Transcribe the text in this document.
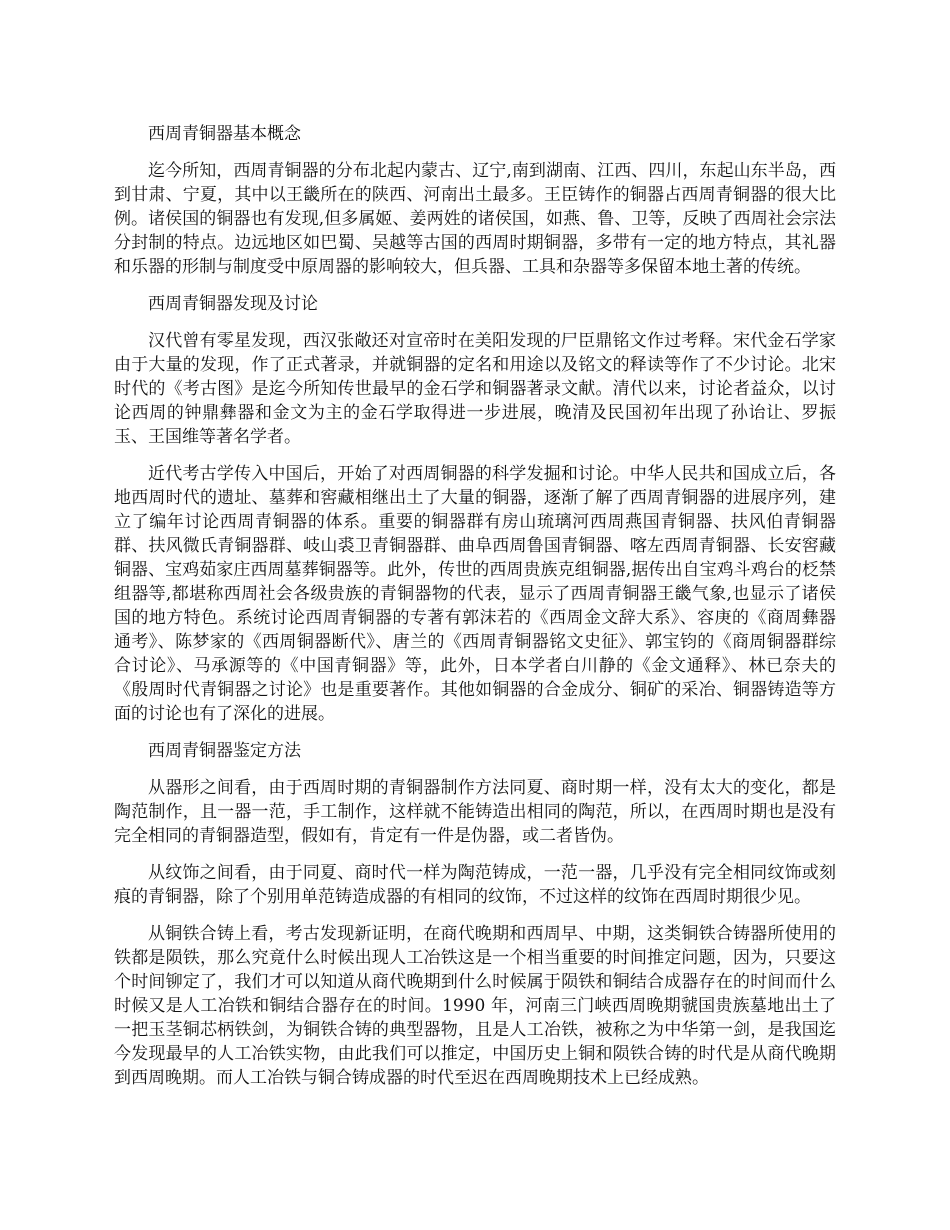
西周青铜器基本概念

迄今所知，西周青铜器的分布北起内蒙古、辽宁,南到湖南、江西、四川，东起山东半岛，西到甘肃、宁夏，其中以王畿所在的陕西、河南出土最多。王臣铸作的铜器占西周青铜器的很大比例。诸侯国的铜器也有发现,但多属姬、姜两姓的诸侯国，如燕、鲁、卫等，反映了西周社会宗法分封制的特点。边远地区如巴蜀、吴越等古国的西周时期铜器，多带有一定的地方特点，其礼器和乐器的形制与制度受中原周器的影响较大，但兵器、工具和杂器等多保留本地土著的传统。

西周青铜器发现及讨论

汉代曾有零星发现，西汉张敞还对宣帝时在美阳发现的尸臣鼎铭文作过考释。宋代金石学家由于大量的发现，作了正式著录，并就铜器的定名和用途以及铭文的释读等作了不少讨论。北宋时代的《考古图》是迄今所知传世最早的金石学和铜器著录文献。清代以来，讨论者益众，以讨论西周的钟鼎彝器和金文为主的金石学取得进一步进展，晚清及民国初年出现了孙诒让、罗振玉、王国维等著名学者。

近代考古学传入中国后，开始了对西周铜器的科学发掘和讨论。中华人民共和国成立后，各地西周时代的遗址、墓葬和窖藏相继出土了大量的铜器，逐渐了解了西周青铜器的进展序列，建立了编年讨论西周青铜器的体系。重要的铜器群有房山琉璃河西周燕国青铜器、扶风伯青铜器群、扶风微氏青铜器群、岐山裘卫青铜器群、曲阜西周鲁国青铜器、喀左西周青铜器、长安窖藏铜器、宝鸡茹家庄西周墓葬铜器等。此外，传世的西周贵族克组铜器,据传出自宝鸡斗鸡台的柉禁组器等,都堪称西周社会各级贵族的青铜器物的代表，显示了西周青铜器王畿气象,也显示了诸侯国的地方特色。系统讨论西周青铜器的专著有郭沫若的《西周金文辞大系》、容庚的《商周彝器通考》、陈梦家的《西周铜器断代》、唐兰的《西周青铜器铭文史征》、郭宝钧的《商周铜器群综合讨论》、马承源等的《中国青铜器》等，此外，日本学者白川静的《金文通释》、林已奈夫的《殷周时代青铜器之讨论》也是重要著作。其他如铜器的合金成分、铜矿的采冶、铜器铸造等方面的讨论也有了深化的进展。

西周青铜器鉴定方法

从器形之间看，由于西周时期的青铜器制作方法同夏、商时期一样，没有太大的变化，都是陶范制作，且一器一范，手工制作，这样就不能铸造出相同的陶范，所以，在西周时期也是没有完全相同的青铜器造型，假如有，肯定有一件是伪器，或二者皆伪。

从纹饰之间看，由于同夏、商时代一样为陶范铸成，一范一器，几乎没有完全相同纹饰或刻痕的青铜器，除了个别用单范铸造成器的有相同的纹饰，不过这样的纹饰在西周时期很少见。

从铜铁合铸上看，考古发现新证明，在商代晚期和西周早、中期，这类铜铁合铸器所使用的铁都是陨铁，那么究竟什么时候出现人工冶铁这是一个相当重要的时间推定问题，因为，只要这个时间铆定了，我们才可以知道从商代晚期到什么时候属于陨铁和铜结合成器存在的时间而什么时候又是人工冶铁和铜结合器存在的时间。1990 年，河南三门峡西周晚期虢国贵族墓地出土了一把玉茎铜芯柄铁剑，为铜铁合铸的典型器物，且是人工冶铁，被称之为中华第一剑，是我国迄今发现最早的人工冶铁实物，由此我们可以推定，中国历史上铜和陨铁合铸的时代是从商代晚期到西周晚期。而人工冶铁与铜合铸成器的时代至迟在西周晚期技术上已经成熟。
